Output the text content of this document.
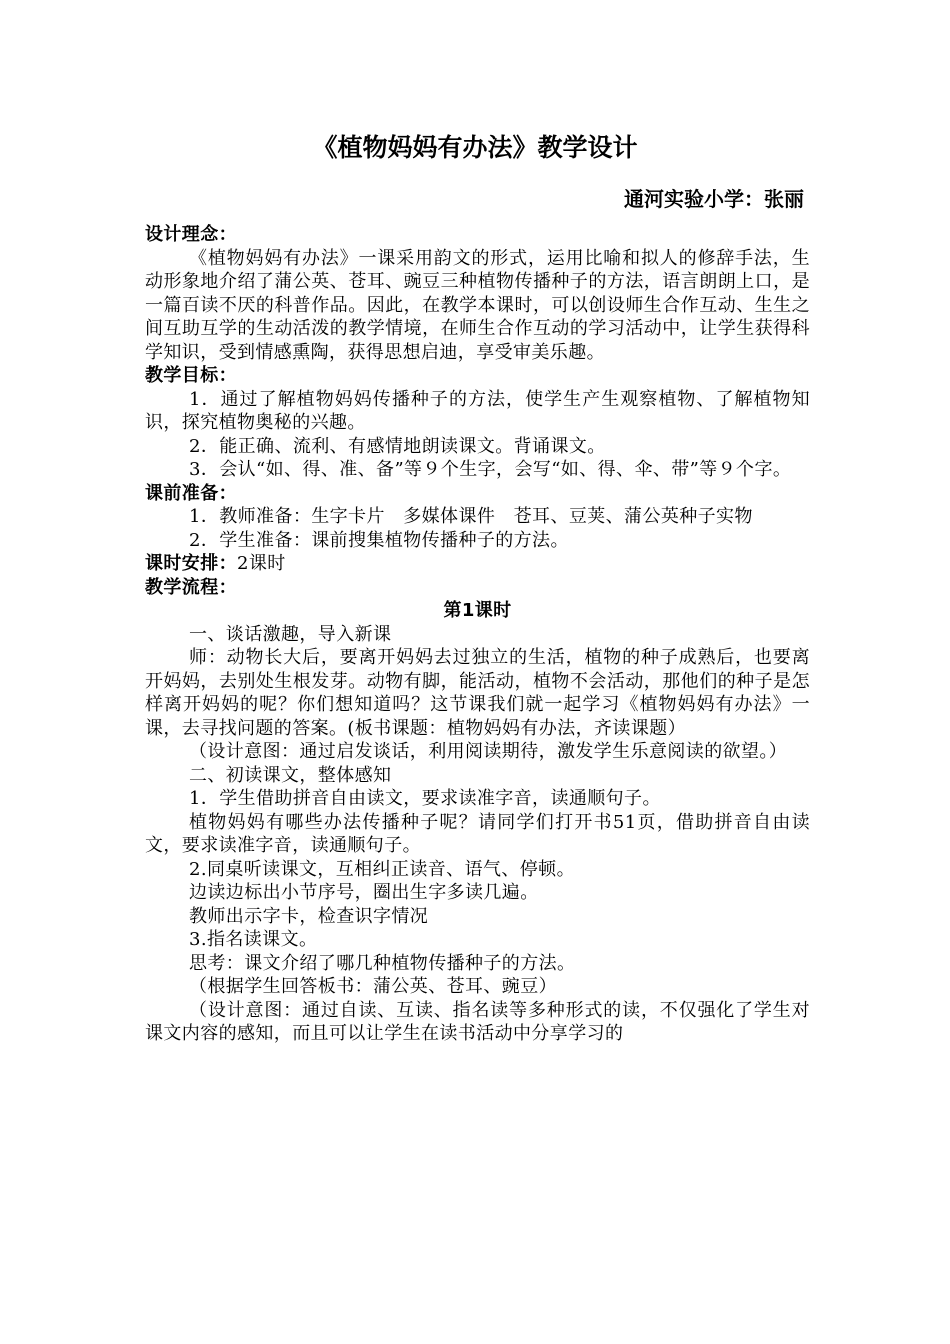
《植物妈妈有办法》教学设计
通河实验小学：张丽

设计理念：

《植物妈妈有办法》一课采用韵文的形式，运用比喻和拟人的修辞手法，生动形象地介绍了蒲公英、苍耳、豌豆三种植物传播种子的方法，语言朗朗上口，是一篇百读不厌的科普作品。因此，在教学本课时，可以创设师生合作互动、生生之间互助互学的生动活泼的教学情境，在师生合作互动的学习活动中，让学生获得科学知识，受到情感熏陶，获得思想启迪，享受审美乐趣。

教学目标：

1．通过了解植物妈妈传播种子的方法，使学生产生观察植物、了解植物知识，探究植物奥秘的兴趣。

2．能正确、流利、有感情地朗读课文。背诵课文。

3．会认“如、得、准、备”等９个生字，会写“如、得、伞、带”等９个字。

课前准备：

1．教师准备：生字卡片　多媒体课件　苍耳、豆荚、蒲公英种子实物

2．学生准备：课前搜集植物传播种子的方法。

课时安排：2课时

教学流程：

第1课时

一、谈话激趣，导入新课

师：动物长大后，要离开妈妈去过独立的生活，植物的种子成熟后，也要离开妈妈，去别处生根发芽。动物有脚，能活动，植物不会活动，那他们的种子是怎样离开妈妈的呢？你们想知道吗？这节课我们就一起学习《植物妈妈有办法》一课，去寻找问题的答案。(板书课题：植物妈妈有办法，齐读课题）

（设计意图：通过启发谈话，利用阅读期待，激发学生乐意阅读的欲望。）

二、初读课文，整体感知

1．学生借助拼音自由读文，要求读准字音，读通顺句子。

植物妈妈有哪些办法传播种子呢？请同学们打开书51页，借助拼音自由读文，要求读准字音，读通顺句子。

2.同桌听读课文，互相纠正读音、语气、停顿。

边读边标出小节序号，圈出生字多读几遍。

教师出示字卡，检查识字情况

3.指名读课文。

思考：课文介绍了哪几种植物传播种子的方法。

（根据学生回答板书：蒲公英、苍耳、豌豆）

（设计意图：通过自读、互读、指名读等多种形式的读，不仅强化了学生对课文内容的感知，而且可以让学生在读书活动中分享学习的
